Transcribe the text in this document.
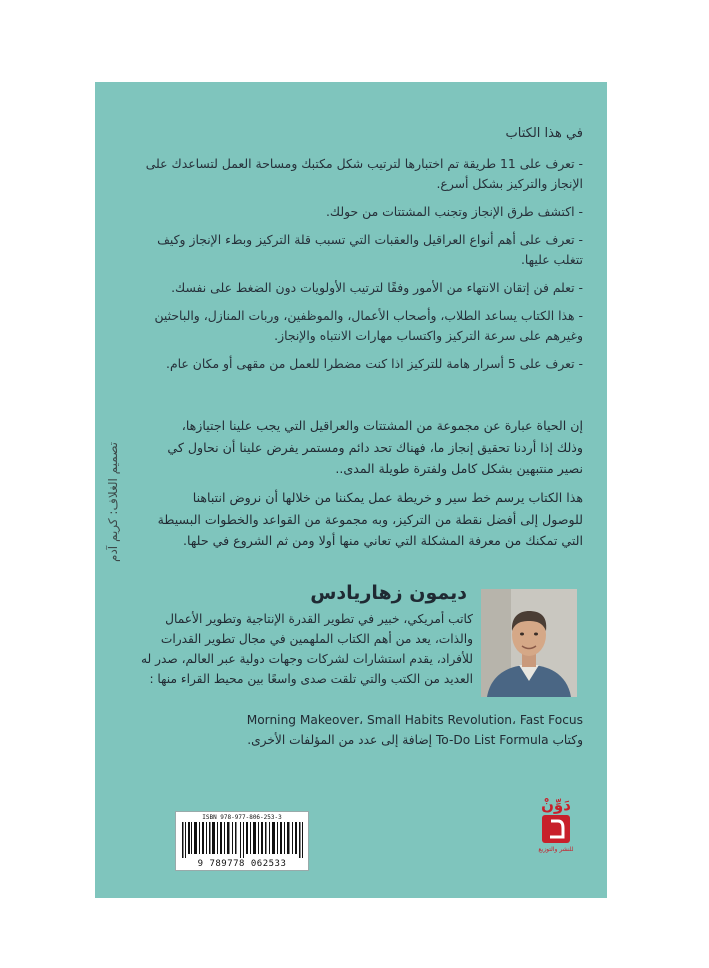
في هذا الكتاب

- تعرف على 11 طريقة تم اختبارها لترتيب شكل مكتبك ومساحة العمل لتساعدك على الإنجاز والتركيز بشكل أسرع.

- اكتشف طرق الإنجاز وتجنب المشتتات من حولك.

- تعرف على أهم أنواع العراقيل والعقبات التي تسبب قلة التركيز وبطء الإنجاز وكيف تتغلب عليها.

- تعلم فن إتقان الانتهاء من الأمور وفقًا لترتيب الأولويات دون الضغط على نفسك.

- هذا الكتاب يساعد الطلاب، وأصحاب الأعمال، والموظفين، وربات المنازل، والباحثين وغيرهم على سرعة التركيز واكتساب مهارات الانتباه والإنجاز.

- تعرف على 5 أسرار هامة للتركيز اذا كنت مضطرا للعمل من مقهى أو مكان عام.

إن الحياة عبارة عن مجموعة من المشتتات والعراقيل التي يجب علينا اجتيازها، وذلك إذا أردنا تحقيق إنجاز ما، فهناك تحد دائم ومستمر يفرض علينا أن نحاول كي نصير منتبهين بشكل كامل ولفترة طويلة المدى..
هذا الكتاب يرسم خط سير و خريطة عمل يمكننا من خلالها أن نروض انتباهنا للوصول إلى أفضل نقطة من التركيز، وبه مجموعة من القواعد والخطوات البسيطة التي تمكنك من معرفة المشكلة التي تعاني منها أولا ومن ثم الشروع في حلها.
تصميم الغلاف: كريم آدم
ديمون زهاريادس
كاتب أمريكي، خبير في تطوير القدرة الإنتاجية وتطوير الأعمال والذات، يعد من أهم الكتاب الملهمين في مجال تطوير القدرات للأفراد، يقدم استشارات لشركات وجهات دولية عبر العالم، صدر له العديد من الكتب والتي تلقت صدى واسعًا بين محيط القراء منها :
Morning Makeover، Small Habits Revolution، Fast Focus
وكتاب To-Do List Formula إضافة إلى عدد من المؤلفات الأخرى.
ISBN 978-977-806-253-3
9 789778 062533
دَوِّنْ
للنشر والتوزيع
